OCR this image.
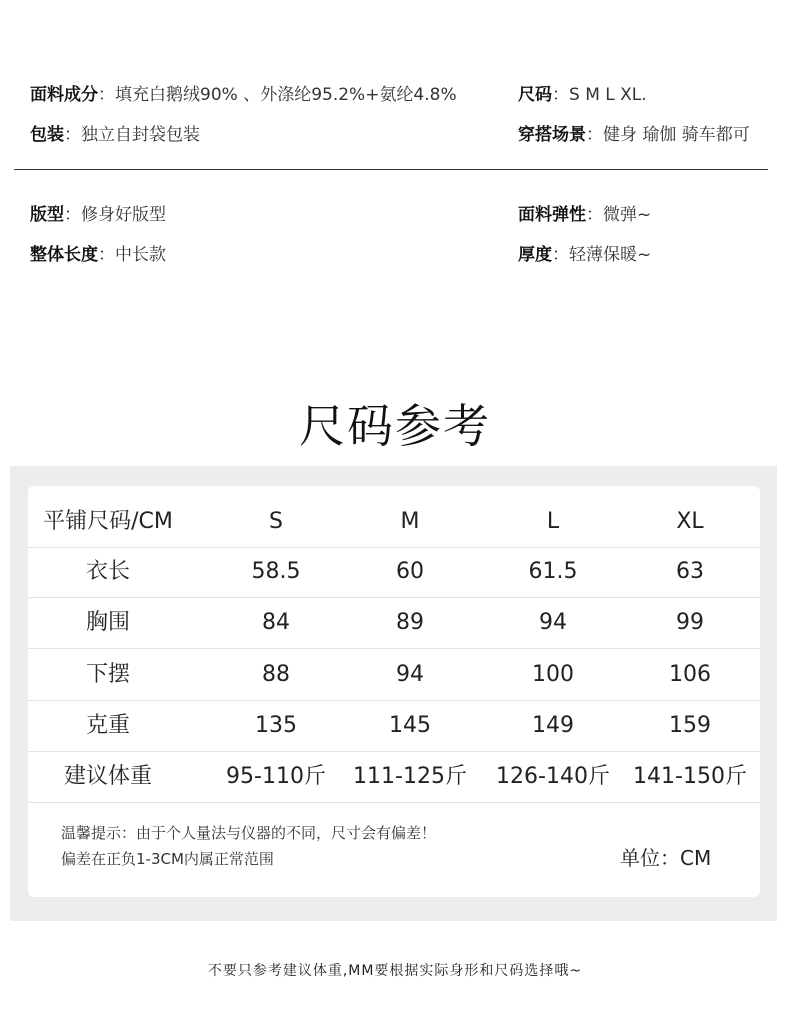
面料成分：填充白鹅绒90% 、外涤纶95.2%+氨纶4.8%	尺码：S M L XL.
包装：独立自封袋包装	穿搭场景：健身 瑜伽 骑车都可
版型：修身好版型	面料弹性：微弹~
整体长度：中长款	厚度：轻薄保暖~
尺码参考
平铺尺码/CM	S	M	L	XL
衣长	58.5	60	61.5	63
胸围	84	89	94	99
下摆	88	94	100	106
克重	135	145	149	159
建议体重	95-110斤	111-125斤	126-140斤	141-150斤
温馨提示：由于个人量法与仪器的不同，尺寸会有偏差！
偏差在正负1-3CM内属正常范围	单位：CM
不要只参考建议体重,MM要根据实际身形和尺码选择哦~
